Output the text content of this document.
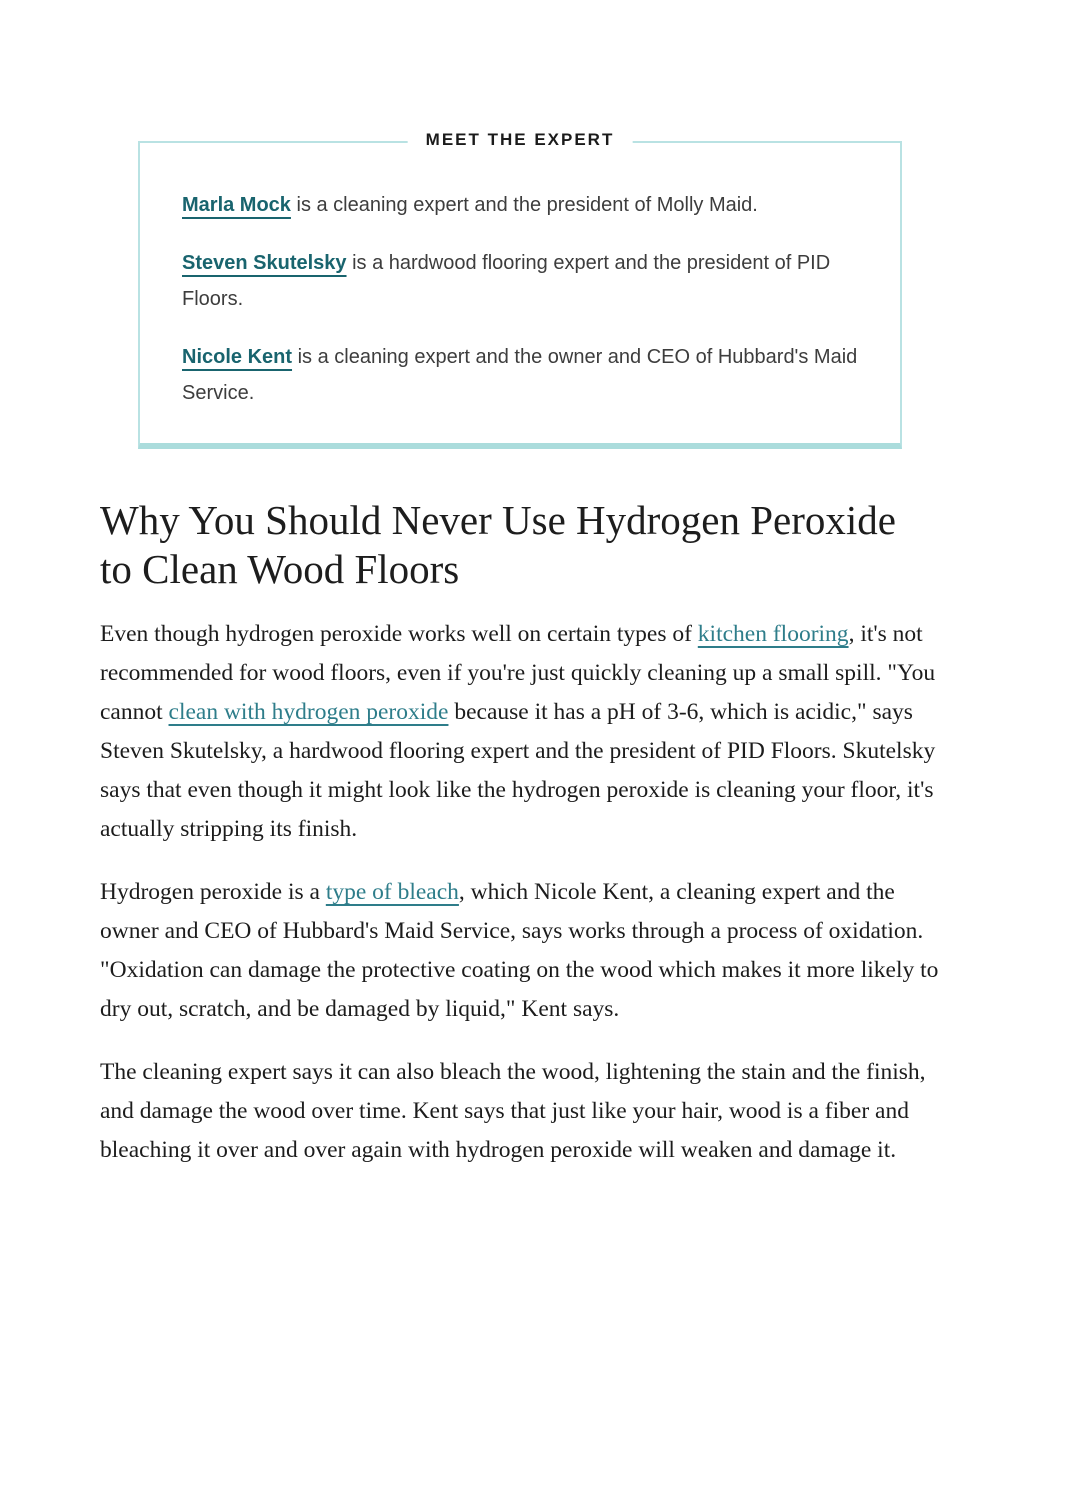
MEET THE EXPERT

Marla Mock is a cleaning expert and the president of Molly Maid.

Steven Skutelsky is a hardwood flooring expert and the president of PID Floors.

Nicole Kent is a cleaning expert and the owner and CEO of Hubbard's Maid Service.

Why You Should Never Use Hydrogen Peroxide to Clean Wood Floors

Even though hydrogen peroxide works well on certain types of kitchen flooring, it's not recommended for wood floors, even if you're just quickly cleaning up a small spill. "You cannot clean with hydrogen peroxide because it has a pH of 3-6, which is acidic," says Steven Skutelsky, a hardwood flooring expert and the president of PID Floors. Skutelsky says that even though it might look like the hydrogen peroxide is cleaning your floor, it's actually stripping its finish.

Hydrogen peroxide is a type of bleach, which Nicole Kent, a cleaning expert and the owner and CEO of Hubbard's Maid Service, says works through a process of oxidation. "Oxidation can damage the protective coating on the wood which makes it more likely to dry out, scratch, and be damaged by liquid," Kent says.

The cleaning expert says it can also bleach the wood, lightening the stain and the finish, and damage the wood over time. Kent says that just like your hair, wood is a fiber and bleaching it over and over again with hydrogen peroxide will weaken and damage it.
